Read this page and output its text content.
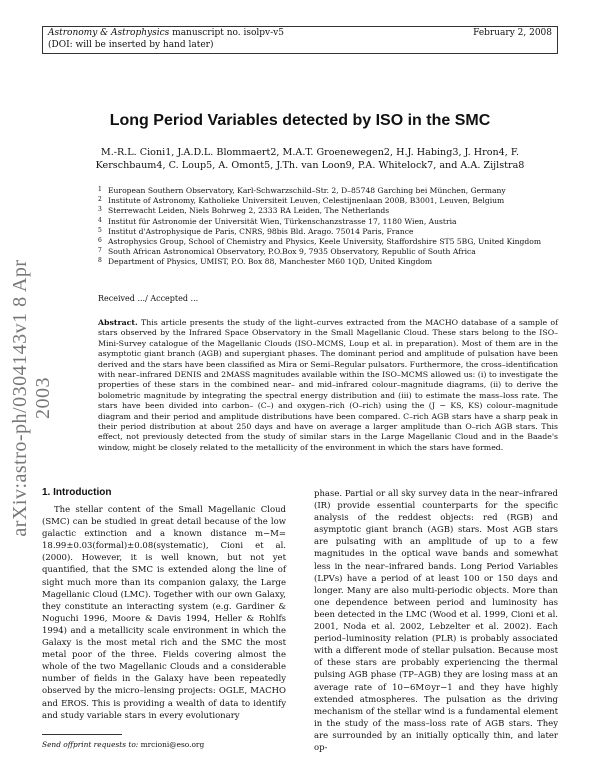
Astronomy & Astrophysics manuscript no. isolpv-v5
(DOI: will be inserted by hand later)
February 2, 2008
arXiv:astro-ph/0304143v1 8 Apr 2003
Long Period Variables detected by ISO in the SMC
M.-R.L. Cioni1, J.A.D.L. Blommaert2, M.A.T. Groenewegen2, H.J. Habing3, J. Hron4, F. Kerschbaum4, C. Loup5, A. Omont5, J.Th. van Loon9, P.A. Whitelock7, and A.A. Zijlstra8
1 European Southern Observatory, Karl-Schwarzschild–Str. 2, D–85748 Garching bei München, Germany
2 Institute of Astronomy, Katholieke Universiteit Leuven, Celestijnenlaan 200B, B3001, Leuven, Belgium
3 Sterrewacht Leiden, Niels Bohrweg 2, 2333 RA Leiden, The Netherlands
4 Institut für Astronomie der Universität Wien, Türkenschanzstrasse 17, 1180 Wien, Austria
5 Institut d'Astrophysique de Paris, CNRS, 98bis Bld. Arago. 75014 Paris, France
6 Astrophysics Group, School of Chemistry and Physics, Keele University, Staffordshire ST5 5BG, United Kingdom
7 South African Astronomical Observatory, P.O.Box 9, 7935 Observatory, Republic of South Africa
8 Department of Physics, UMIST, P.O. Box 88, Manchester M60 1QD, United Kingdom
Received .../ Accepted ...
Abstract. This article presents the study of the light–curves extracted from the MACHO database of a sample of stars observed by the Infrared Space Observatory in the Small Magellanic Cloud. These stars belong to the ISO–Mini-Survey catalogue of the Magellanic Clouds (ISO–MCMS, Loup et al. in preparation). Most of them are in the asymptotic giant branch (AGB) and supergiant phases. The dominant period and amplitude of pulsation have been derived and the stars have been classified as Mira or Semi–Regular pulsators. Furthermore, the cross–identification with near–infrared DENIS and 2MASS magnitudes available within the ISO–MCMS allowed us: (i) to investigate the properties of these stars in the combined near– and mid–infrared colour–magnitude diagrams, (ii) to derive the bolometric magnitude by integrating the spectral energy distribution and (iii) to estimate the mass–loss rate. The stars have been divided into carbon– (C–) and oxygen–rich (O–rich) using the (J − KS, KS) colour–magnitude diagram and their period and amplitude distributions have been compared. C–rich AGB stars have a sharp peak in their period distribution at about 250 days and have on average a larger amplitude than O–rich AGB stars. This effect, not previously detected from the study of similar stars in the Large Magellanic Cloud and in the Baade's window, might be closely related to the metallicity of the environment in which the stars have formed.
1. Introduction
The stellar content of the Small Magellanic Cloud (SMC) can be studied in great detail because of the low galactic extinction and a known distance m−M= 18.99±0.03(formal)±0.08(systematic), Cioni et al. (2000). However, it is well known, but not yet quantified, that the SMC is extended along the line of sight much more than its companion galaxy, the Large Magellanic Cloud (LMC). Together with our own Galaxy, they constitute an interacting system (e.g. Gardiner & Noguchi 1996, Moore & Davis 1994, Heller & Rohlfs 1994) and a metallicity scale environment in which the Galaxy is the most metal rich and the SMC the most metal poor of the three. Fields covering almost the whole of the two Magellanic Clouds and a considerable number of fields in the Galaxy have been repeatedly observed by the micro–lensing projects: OGLE, MACHO and EROS. This is providing a wealth of data to identify and study variable stars in every evolutionary
phase. Partial or all sky survey data in the near–infrared (IR) provide essential counterparts for the specific analysis of the reddest objects: red (RGB) and asymptotic giant branch (AGB) stars. Most AGB stars are pulsating with an amplitude of up to a few magnitudes in the optical wave bands and somewhat less in the near–infrared bands. Long Period Variables (LPVs) have a period of at least 100 or 150 days and longer. Many are also multi-periodic objects. More than one dependence between period and luminosity has been detected in the LMC (Wood et al. 1999, Cioni et al. 2001, Noda et al. 2002, Lebzelter et al. 2002). Each period–luminosity relation (PLR) is probably associated with a different mode of stellar pulsation. Because most of these stars are probably experiencing the thermal pulsing AGB phase (TP–AGB) they are losing mass at an average rate of 10−6M⊙yr−1 and they have highly extended atmospheres. The pulsation as the driving mechanism of the stellar wind is a fundamental element in the study of the mass–loss rate of AGB stars. They are surrounded by an initially optically thin, and later op-
Send offprint requests to: mrcioni@eso.org
